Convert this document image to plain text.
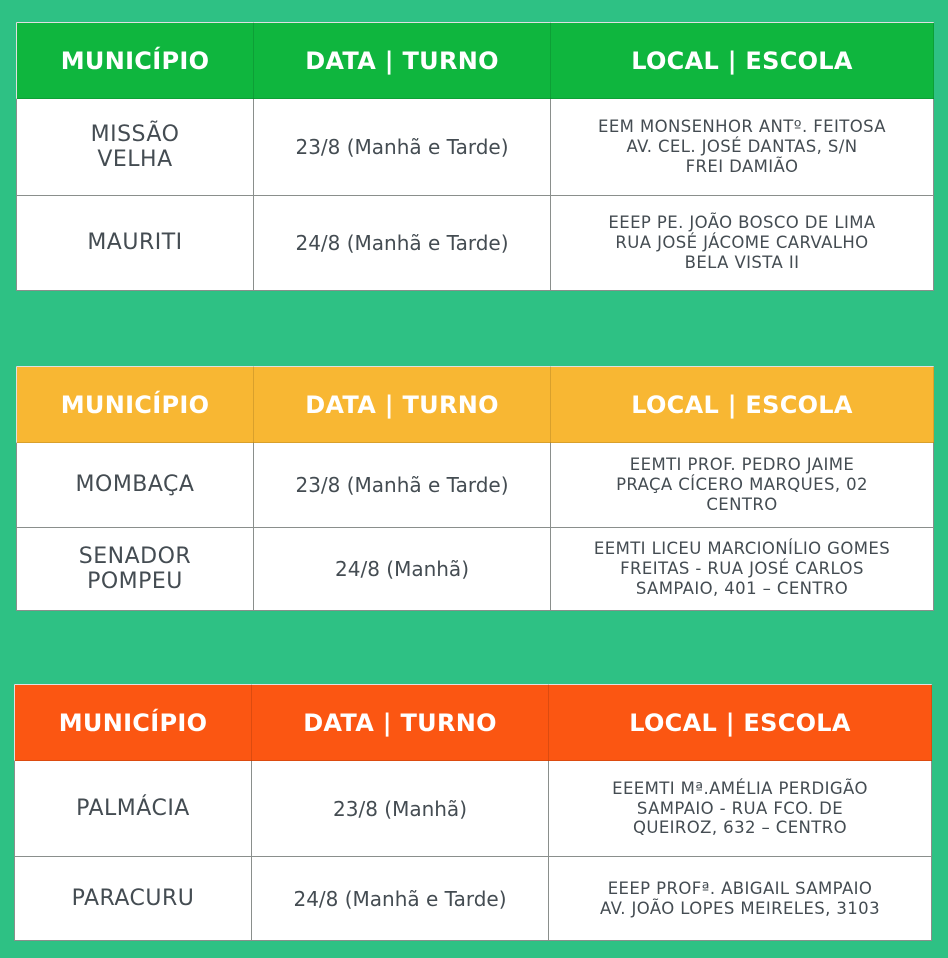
MUNICÍPIO	DATA | TURNO	LOCAL | ESCOLA
MISSÃO VELHA	23/8 (Manhã e Tarde)	EEM MONSENHOR ANTº. FEITOSA
AV. CEL. JOSÉ DANTAS, S/N
FREI DAMIÃO

MAURITI	24/8 (Manhã e Tarde)	EEEP PE. JOÃO BOSCO DE LIMA
RUA JOSÉ JÁCOME CARVALHO
BELA VISTA II
MUNICÍPIO	DATA | TURNO	LOCAL | ESCOLA
MOMBAÇA	23/8 (Manhã e Tarde)	EEMTI PROF. PEDRO JAIME
PRAÇA CÍCERO MARQUES, 02
CENTRO

SENADOR POMPEU	24/8 (Manhã)	EEMTI LICEU MARCIONÍLIO GOMES
FREITAS - RUA JOSÉ CARLOS
SAMPAIO, 401 – CENTRO
MUNICÍPIO	DATA | TURNO	LOCAL | ESCOLA
PALMÁCIA	23/8 (Manhã)	EEEMTI Mª.AMÉLIA PERDIGÃO
SAMPAIO - RUA FCO. DE
QUEIROZ, 632 – CENTRO

PARACURU	24/8 (Manhã e Tarde)	EEEP PROFª. ABIGAIL SAMPAIO
AV. JOÃO LOPES MEIRELES, 3103
